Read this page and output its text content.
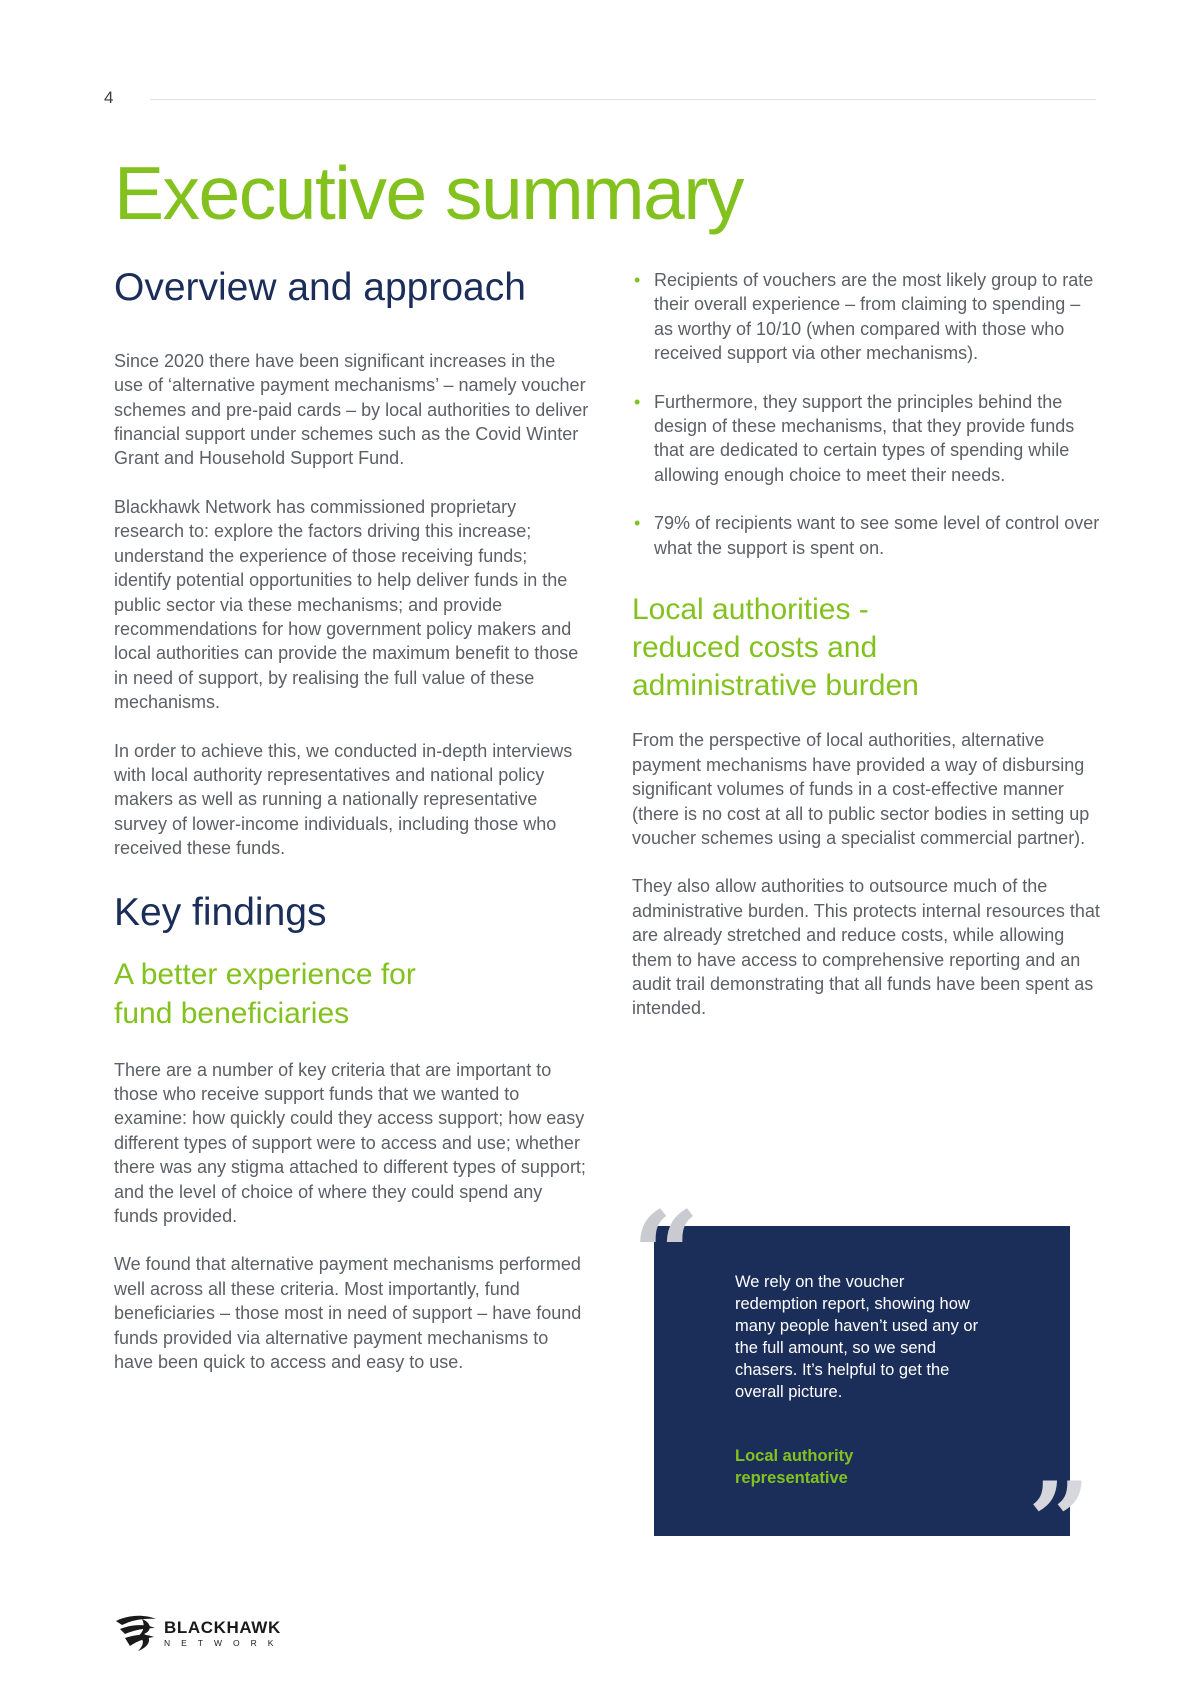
4
Executive summary
Overview and approach

Since 2020 there have been significant increases in the use of ‘alternative payment mechanisms’ – namely voucher schemes and pre-paid cards – by local authorities to deliver financial support under schemes such as the Covid Winter Grant and Household Support Fund.

Blackhawk Network has commissioned proprietary research to: explore the factors driving this increase; understand the experience of those receiving funds; identify potential opportunities to help deliver funds in the public sector via these mechanisms; and provide recommendations for how government policy makers and local authorities can provide the maximum benefit to those in need of support, by realising the full value of these mechanisms.

In order to achieve this, we conducted in-depth interviews with local authority representatives and national policy makers as well as running a nationally representative survey of lower-income individuals, including those who received these funds.

Key findings
A better experience for fund beneficiaries

There are a number of key criteria that are important to those who receive support funds that we wanted to examine: how quickly could they access support; how easy different types of support were to access and use; whether there was any stigma attached to different types of support; and the level of choice of where they could spend any funds provided.

We found that alternative payment mechanisms performed well across all these criteria. Most importantly, fund beneficiaries – those most in need of support – have found funds provided via alternative payment mechanisms to have been quick to access and easy to use.

• Recipients of vouchers are the most likely group to rate their overall experience – from claiming to spending – as worthy of 10/10 (when compared with those who received support via other mechanisms).
• Furthermore, they support the principles behind the design of these mechanisms, that they provide funds that are dedicated to certain types of spending while allowing enough choice to meet their needs.
• 79% of recipients want to see some level of control over what the support is spent on.
Local authorities - reduced costs and administrative burden

From the perspective of local authorities, alternative payment mechanisms have provided a way of disbursing significant volumes of funds in a cost-effective manner (there is no cost at all to public sector bodies in setting up voucher schemes using a specialist commercial partner).

They also allow authorities to outsource much of the administrative burden. This protects internal resources that are already stretched and reduce costs, while allowing them to have access to comprehensive reporting and an audit trail demonstrating that all funds have been spent as intended.

We rely on the voucher redemption report, showing how many people haven’t used any or the full amount, so we send chasers. It’s helpful to get the overall picture.

Local authority representative

“
”
BLACKHAWK
NETWORK
